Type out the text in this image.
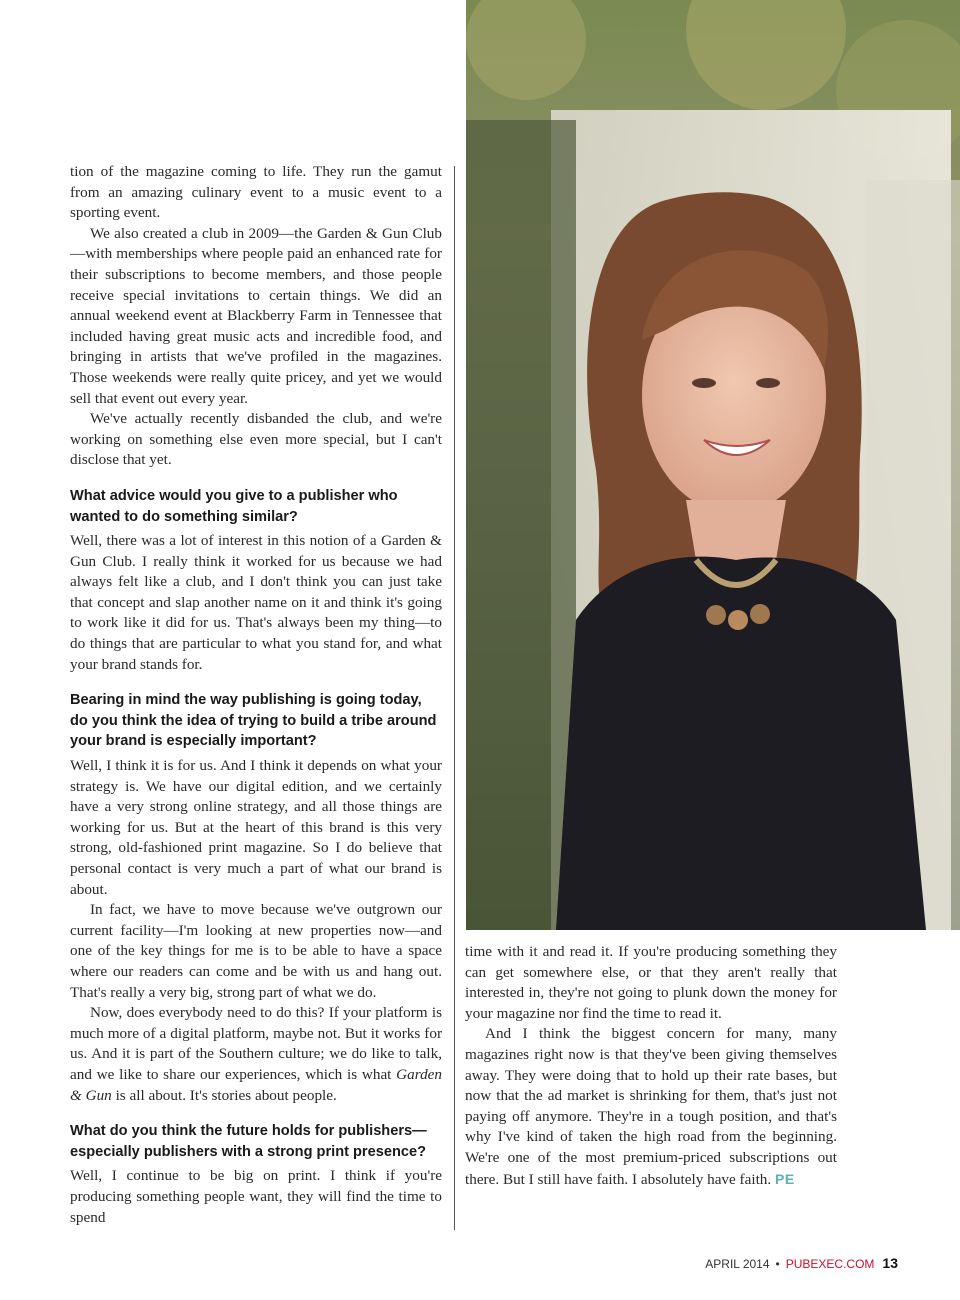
tion of the magazine coming to life. They run the gamut from an amazing culinary event to a music event to a sporting event.

We also created a club in 2009—the Garden & Gun Club—with memberships where people paid an enhanced rate for their subscriptions to become members, and those people receive special invitations to certain things. We did an annual weekend event at Blackberry Farm in Tennessee that included having great music acts and incredible food, and bringing in artists that we've profiled in the magazines. Those weekends were really quite pricey, and yet we would sell that event out every year.

We've actually recently disbanded the club, and we're working on something else even more special, but I can't disclose that yet.

What advice would you give to a publisher who wanted to do something similar?

Well, there was a lot of interest in this notion of a Garden & Gun Club. I really think it worked for us because we had always felt like a club, and I don't think you can just take that concept and slap another name on it and think it's going to work like it did for us. That's always been my thing—to do things that are particular to what you stand for, and what your brand stands for.

Bearing in mind the way publishing is going today, do you think the idea of trying to build a tribe around your brand is especially important?

Well, I think it is for us. And I think it depends on what your strategy is. We have our digital edition, and we certainly have a very strong online strategy, and all those things are working for us. But at the heart of this brand is this very strong, old-fashioned print magazine. So I do believe that personal contact is very much a part of what our brand is about.

In fact, we have to move because we've outgrown our current facility—I'm looking at new properties now—and one of the key things for me is to be able to have a space where our readers can come and be with us and hang out. That's really a very big, strong part of what we do.

Now, does everybody need to do this? If your platform is much more of a digital platform, maybe not. But it works for us. And it is part of the Southern culture; we do like to talk, and we like to share our experiences, which is what Garden & Gun is all about. It's stories about people.

What do you think the future holds for publishers—especially publishers with a strong print presence?

Well, I continue to be big on print. I think if you're producing something people want, they will find the time to spend

time with it and read it. If you're producing something they can get somewhere else, or that they aren't really that interested in, they're not going to plunk down the money for your magazine nor find the time to read it.

And I think the biggest concern for many, many magazines right now is that they've been giving themselves away. They were doing that to hold up their rate bases, but now that the ad market is shrinking for them, that's just not paying off anymore. They're in a tough position, and that's why I've kind of taken the high road from the beginning. We're one of the most premium-priced subscriptions out there. But I still have faith. I absolutely have faith. PE

APRIL 2014 • PUBEXEC.COM 13
